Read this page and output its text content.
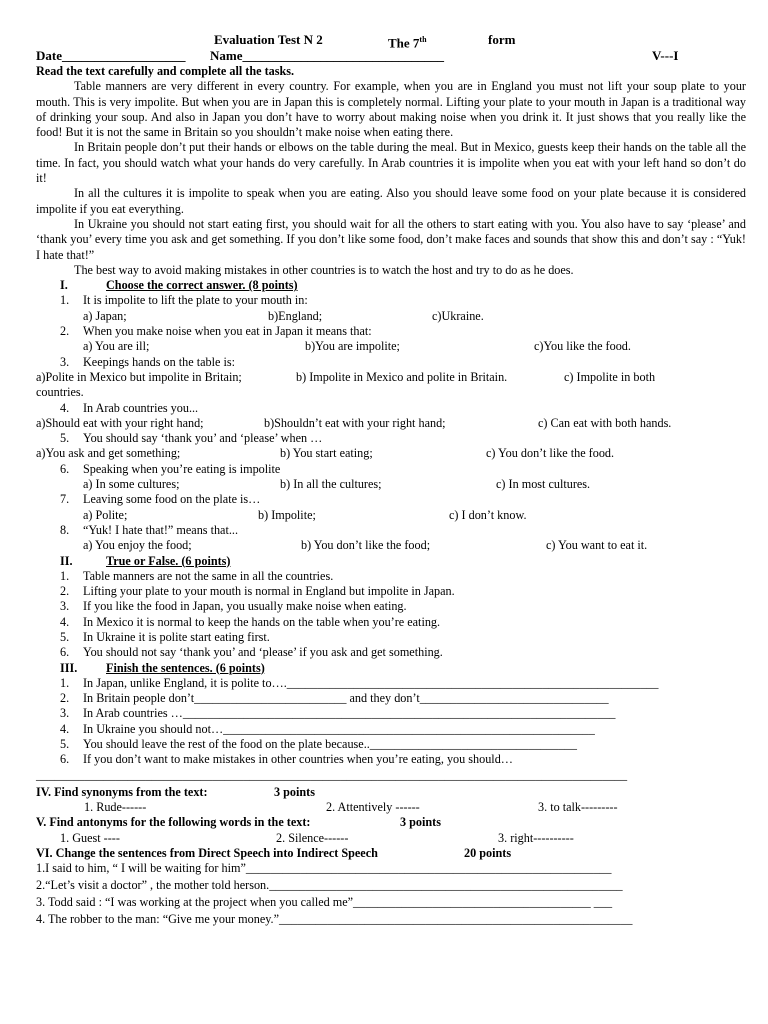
Evaluation Test N 2	The 7th	form
Date___________________ Name_______________________________	V---I
Read the text carefully and complete all the tasks.

Table manners are very different in every country. For example, when you are in England you must not lift your soup plate to your mouth. This is very impolite. But when you are in Japan this is completely normal. Lifting your plate to your mouth in Japan is a traditional way of drinking your soup. And also in Japan you don’t have to worry about making noise when you drink it. It just shows that you really like the food! But it is not the same in Britain so you shouldn’t make noise when eating there.

In Britain people don’t put their hands or elbows on the table during the meal. But in Mexico, guests keep their hands on the table all the time. In fact, you should watch what your hands do very carefully. In Arab countries it is impolite when you eat with your left hand so don’t do it!

In all the cultures it is impolite to speak when you are eating. Also you should leave some food on your plate because it is considered impolite if you eat everything.

In Ukraine you should not start eating first, you should wait for all the others to start eating with you. You also have to say ‘please’ and ‘thank you’ every time you ask and get something. If you don’t like some food, don’t make faces and sounds that show this and don’t say : “Yuk! I hate that!”

The best way to avoid making mistakes in other countries is to watch the host and try to do as he does.

I.	Choose the correct answer. (8 points)
1. It is impolite to lift the plate to your mouth in:
a) Japan;	b)England;	c)Ukraine.
2. When you make noise when you eat in Japan it means that:
a) You are ill;	b)You are impolite;	c)You like the food.
3. Keepings hands on the table is:
a)Polite in Mexico but impolite in Britain;	b) Impolite in Mexico and polite in Britain.	c) Impolite in both
countries.
4. In Arab countries you...
a)Should eat with your right hand;	b)Shouldn’t eat with your right hand;	c) Can eat with both hands.
5. You should say ‘thank you’ and ‘please’ when …
a)You ask and get something;	b) You start eating;	c) You don’t like the food.
6. Speaking when you’re eating is impolite
a) In some cultures;	b) In all the cultures;	c) In most cultures.
7. Leaving some food on the plate is…
a) Polite;	b) Impolite;	c) I don’t know.
8. “Yuk! I hate that!” means that...
a) You enjoy the food;	b) You don’t like the food;	c) You want to eat it.
II.	True or False. (6 points)
1. Table manners are not the same in all the countries.
2. Lifting your plate to your mouth is normal in England but impolite in Japan.
3. If you like the food in Japan, you usually make noise when eating.
4. In Mexico it is normal to keep the hands on the table when you’re eating.
5. In Ukraine it is polite start eating first.
6. You should not say ‘thank you’ and ‘please’ if you ask and get something.
III. Finish the sentences. (6 points)
1. In Japan, unlike England, it is polite to…._____________________________________________________________
2. In Britain people don’t_________________________ and they don’t_______________________________
3. In Arab countries …_______________________________________________________________________
4. In Ukraine you should not…_____________________________________________________________
5. You should leave the rest of the food on the plate because..__________________________________
6. If you don’t want to make mistakes in other countries when you’re eating, you should…
_________________________________________________________________________________________________
IV. Find synonyms from the text:	3 points
1. Rude------	2. Attentively ------	3. to talk---------
V. Find antonyms for the following words in the text:	3 points
1. Guest ----	2. Silence------	3. right----------
VI. Change the sentences from Direct Speech into Indirect Speech	20 points
1.I said to him, “ I will be waiting for him”____________________________________________________________
2.“Let’s visit a doctor” , the mother told herson.__________________________________________________________
3. Todd said : “I was working at the project when you called me”_______________________________________ ___
4. The robber to the man: “Give me your money.”__________________________________________________________
